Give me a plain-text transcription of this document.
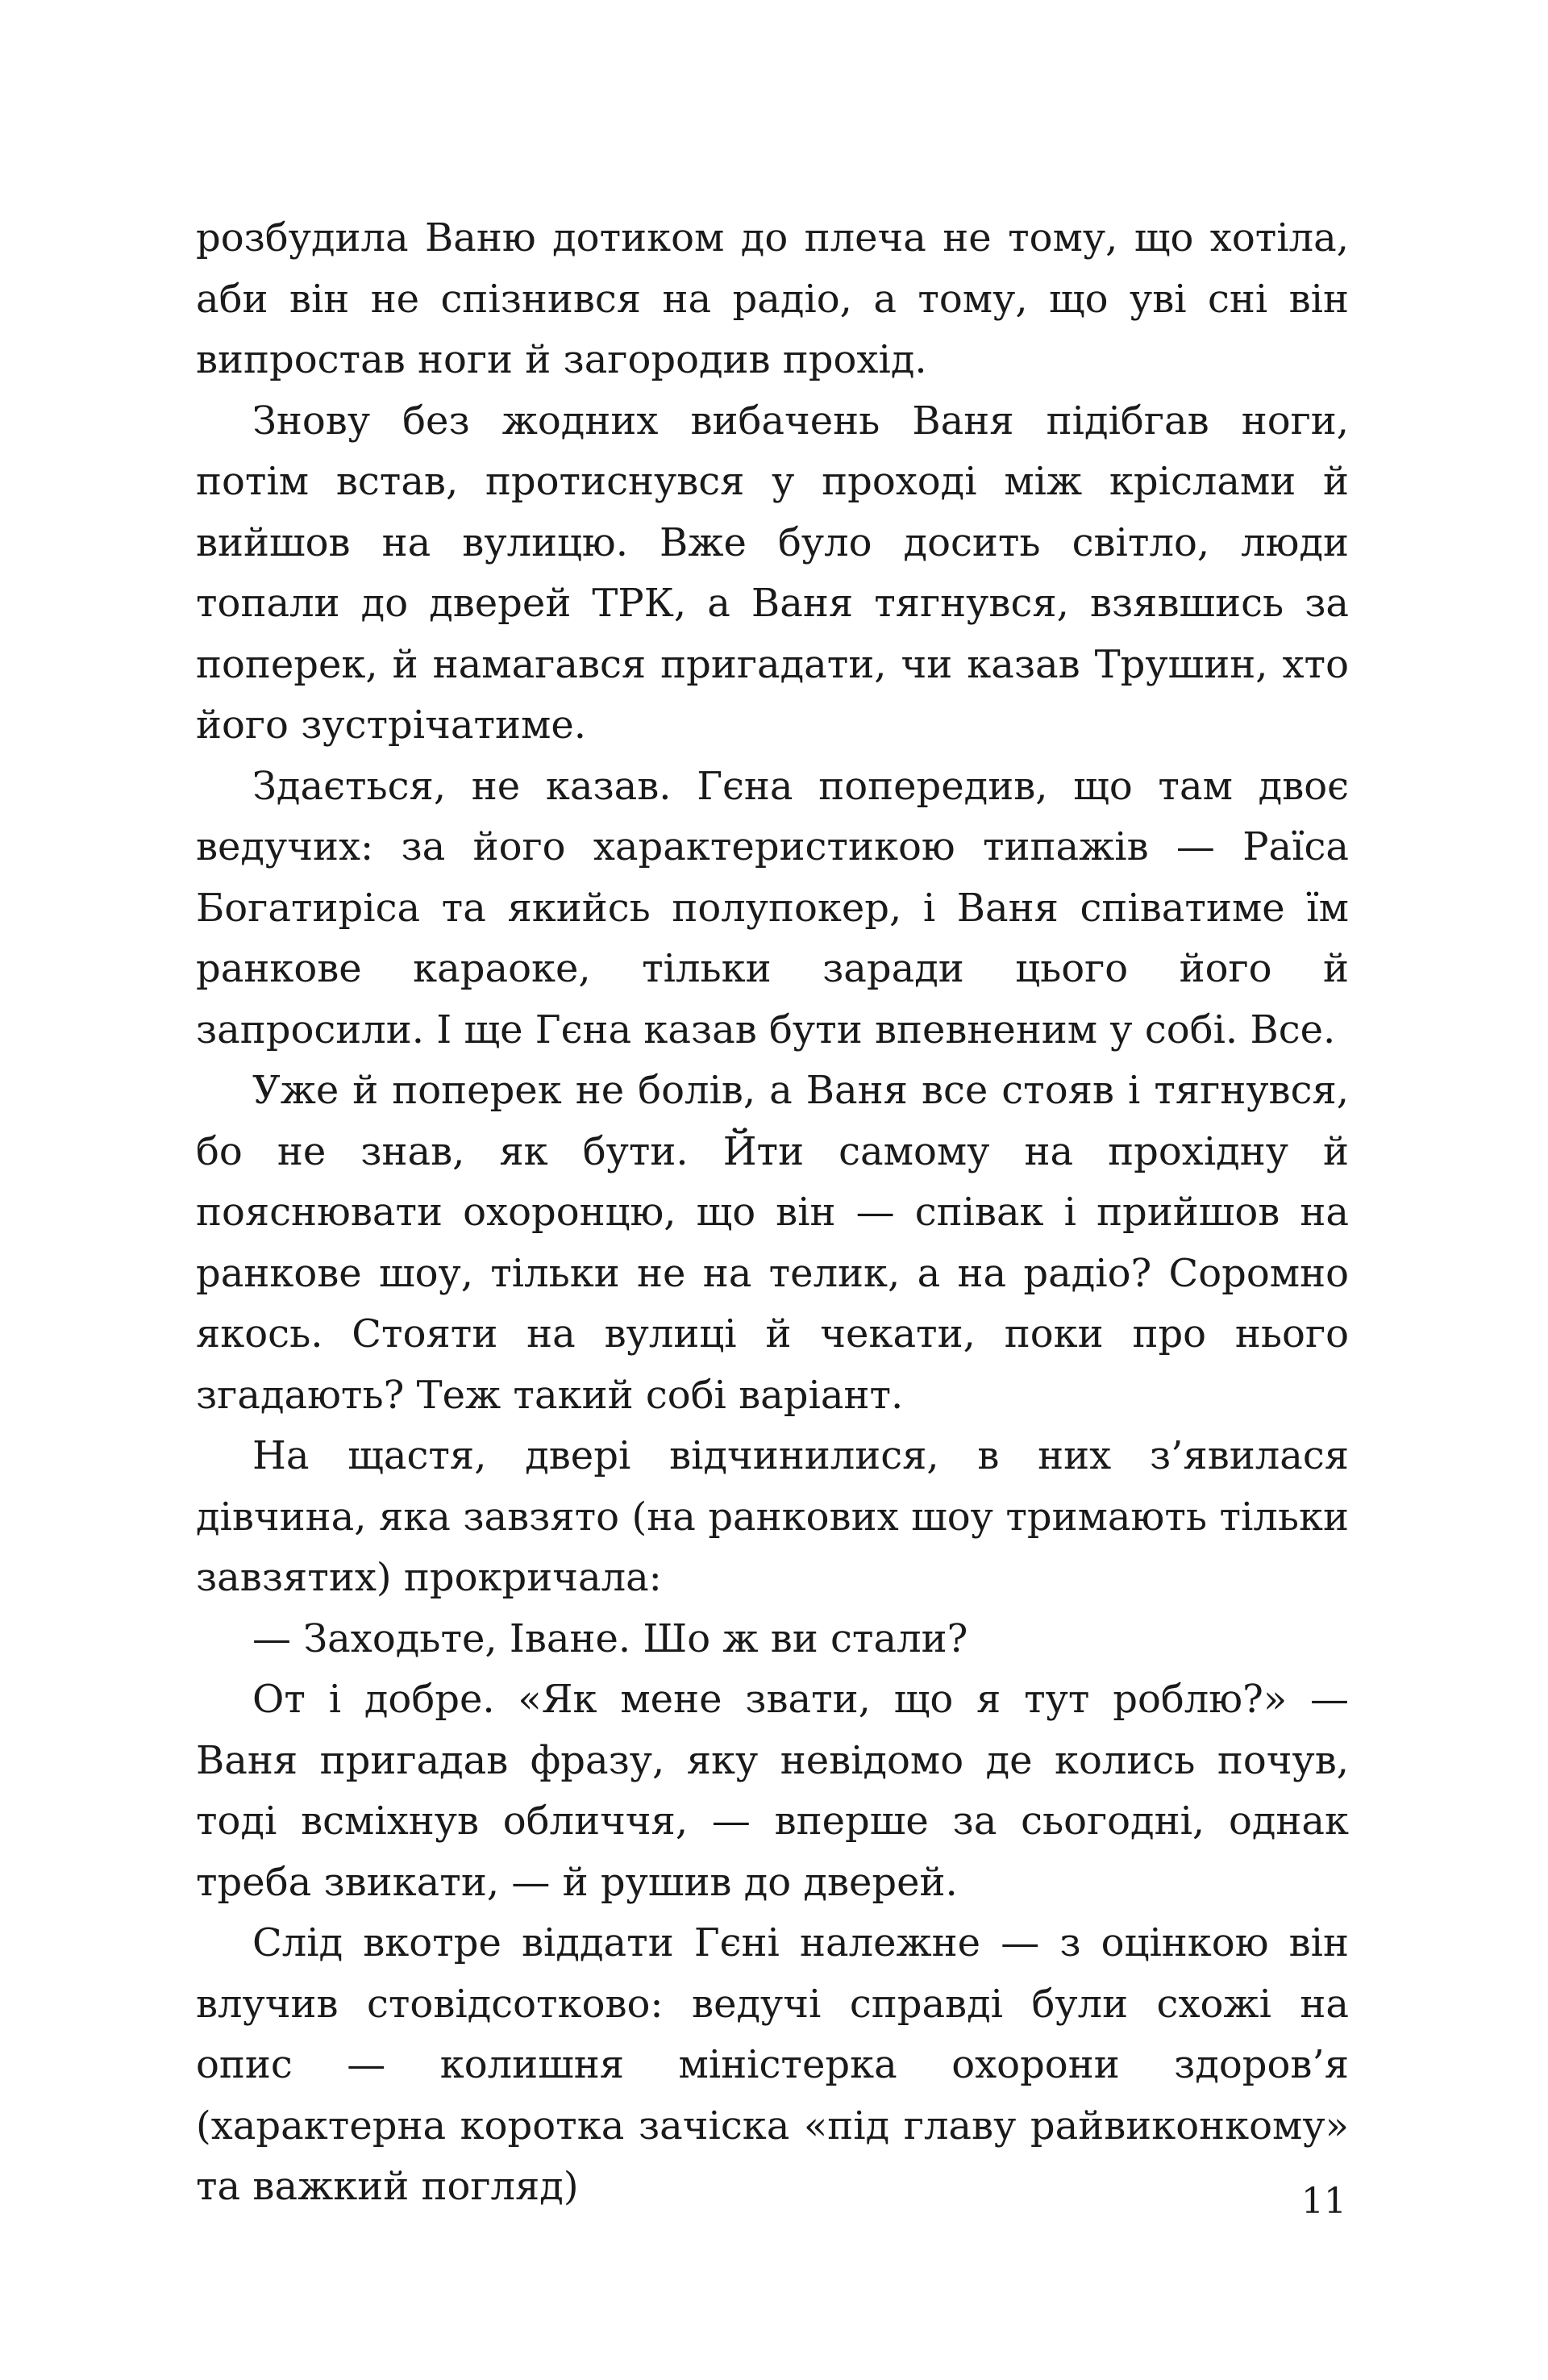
розбудила Ваню дотиком до плеча не тому, що хотіла, аби він не спізнився на радіо, а тому, що уві сні він випростав ноги й загородив прохід.

Знову без жодних вибачень Ваня підібгав ноги, потім встав, протиснувся у проході між кріслами й вийшов на вулицю. Вже було досить світло, люди топали до дверей ТРК, а Ваня тягнувся, взявшись за поперек, й намагався пригадати, чи казав Трушин, хто його зустрічатиме.

Здається, не казав. Гєна попередив, що там двоє ведучих: за його характеристикою типажів — Раїса Богатиріса та якийсь полупокер, і Ваня співатиме їм ранкове караоке, тільки заради цього його й запросили. І ще Гєна казав бути впевненим у собі. Все.

Уже й поперек не болів, а Ваня все стояв і тягнувся, бо не знав, як бути. Йти самому на прохідну й пояснювати охоронцю, що він — співак і прийшов на ранкове шоу, тільки не на телик, а на радіо? Соромно якось. Стояти на вулиці й чекати, поки про нього згадають? Теж такий собі варіант.

На щастя, двері відчинилися, в них з’явилася дівчина, яка завзято (на ранкових шоу тримають тільки завзятих) прокричала:

— Заходьте, Іване. Шо ж ви стали?

От і добре. «Як мене звати, що я тут роблю?» — Ваня пригадав фразу, яку невідомо де колись почув, тоді всміхнув обличчя, — вперше за сьогодні, однак треба звикати, — й рушив до дверей.

Слід вкотре віддати Гєні належне — з оцінкою він влучив стовідсотково: ведучі справді були схожі на опис — колишня міністерка охорони здоров’я (характерна коротка зачіска «під главу райвиконкому» та важкий погляд)	11
